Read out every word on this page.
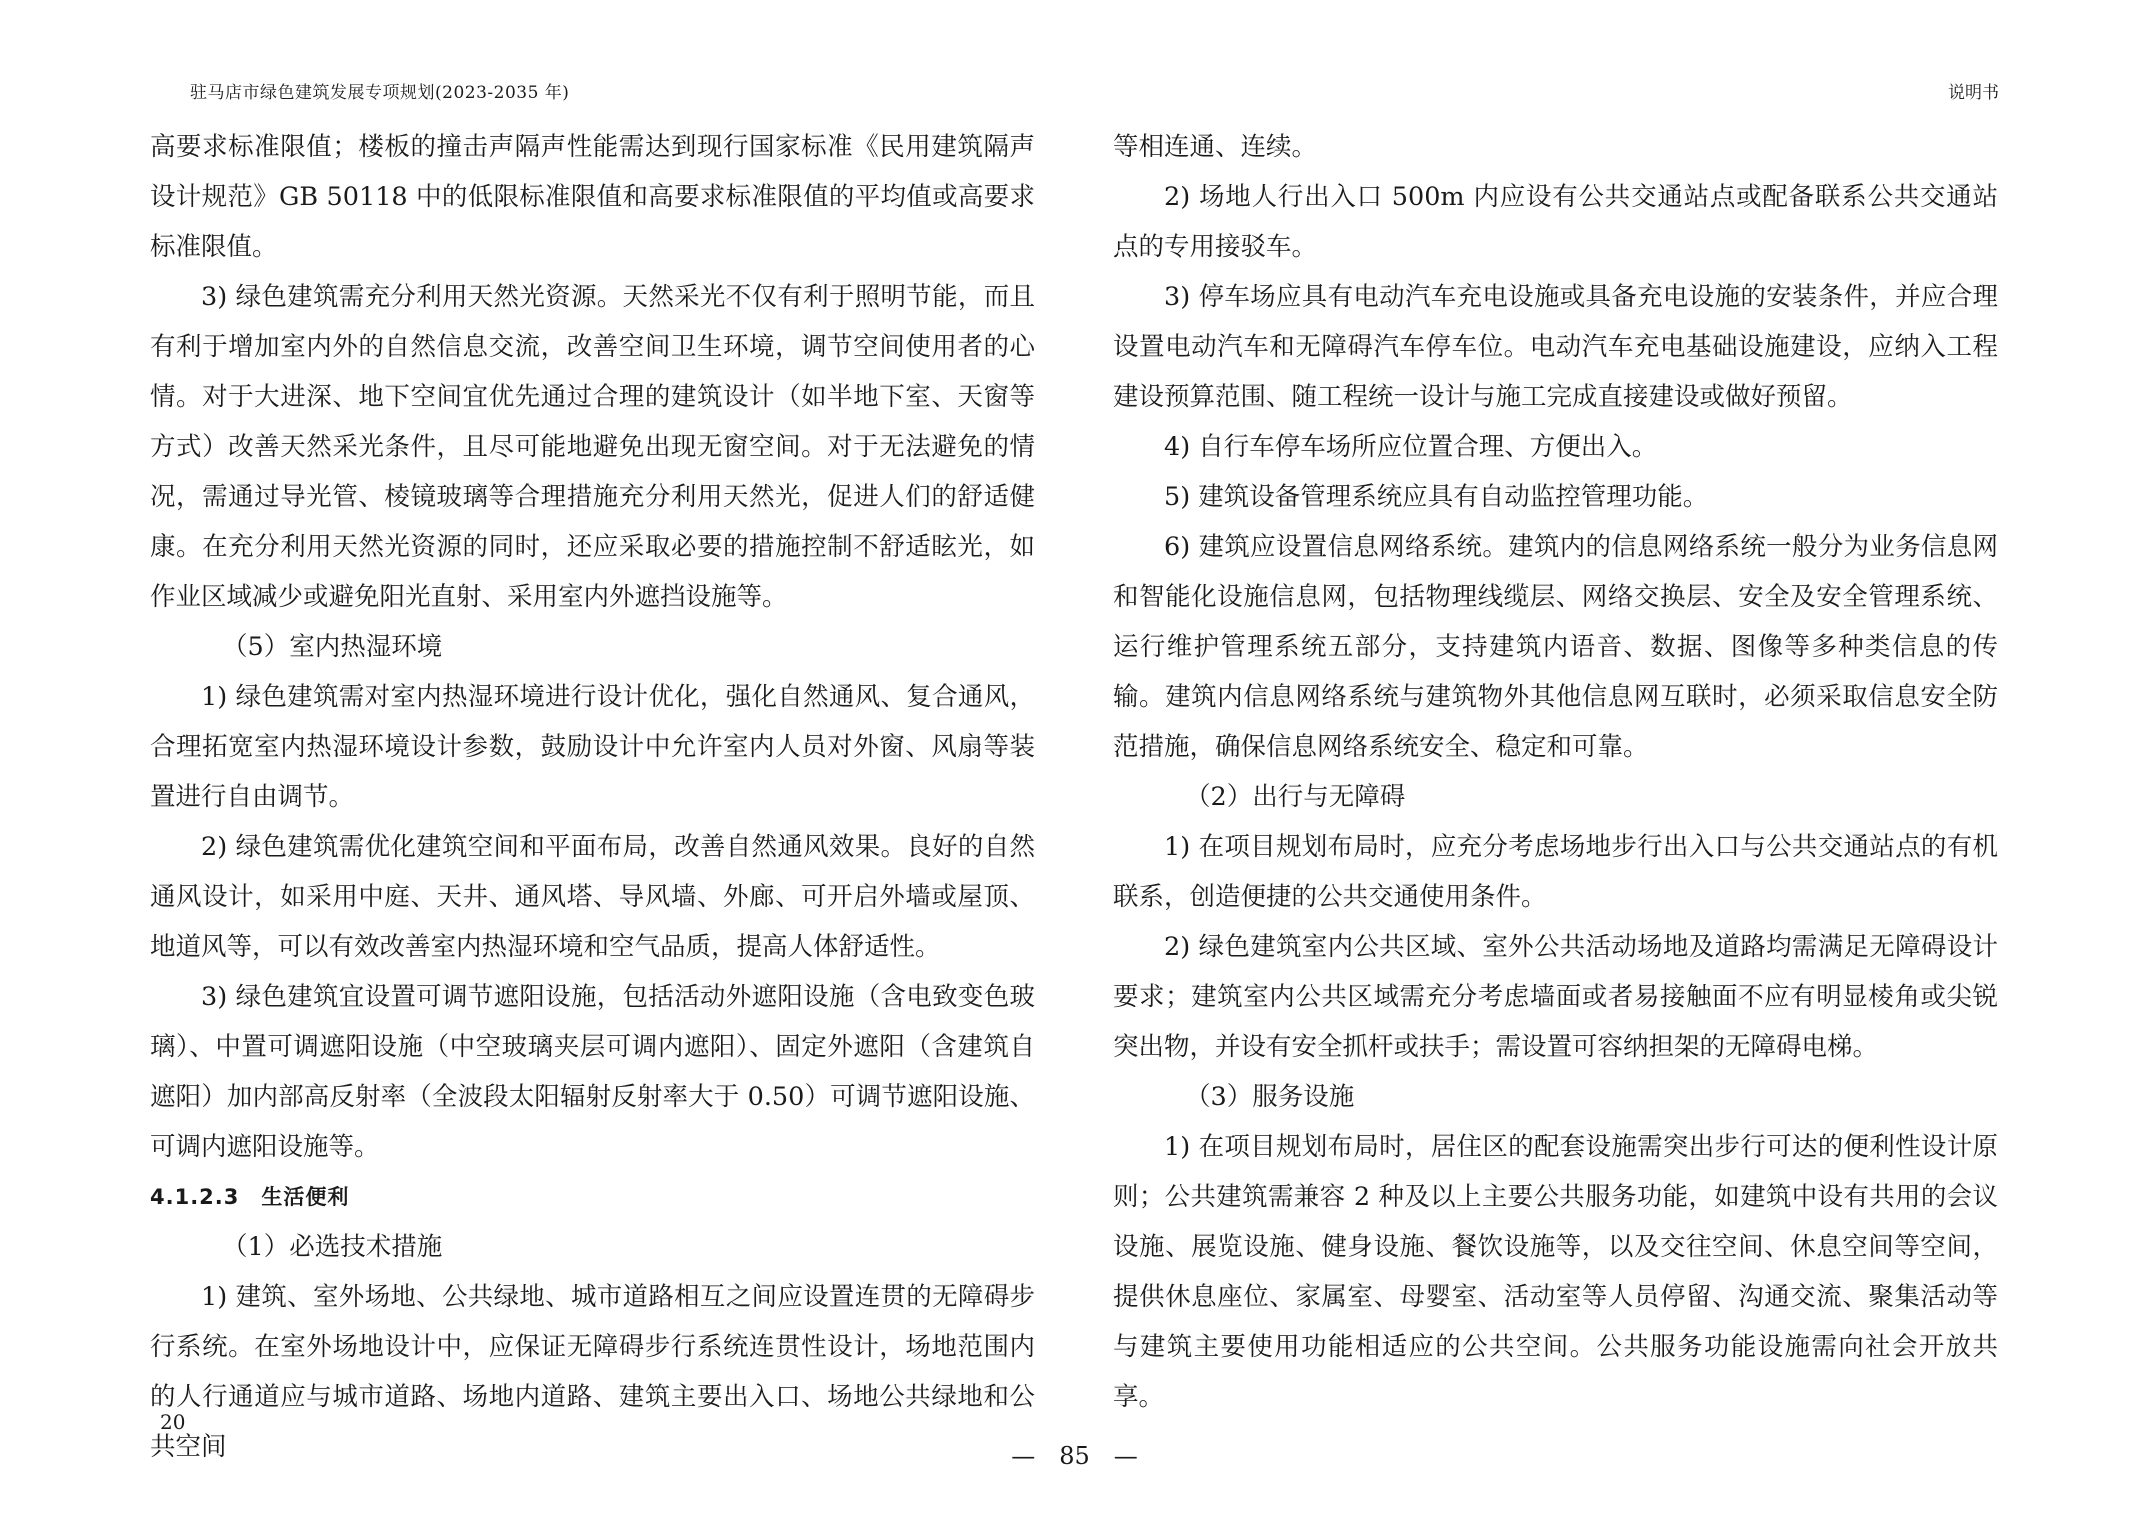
驻马店市绿色建筑发展专项规划(2023-2035 年)	说明书

高要求标准限值；楼板的撞击声隔声性能需达到现行国家标准《民用建筑隔声设计规范》GB 50118 中的低限标准限值和高要求标准限值的平均值或高要求标准限值。

3) 绿色建筑需充分利用天然光资源。天然采光不仅有利于照明节能，而且有利于增加室内外的自然信息交流，改善空间卫生环境，调节空间使用者的心情。对于大进深、地下空间宜优先通过合理的建筑设计（如半地下室、天窗等方式）改善天然采光条件，且尽可能地避免出现无窗空间。对于无法避免的情况，需通过导光管、棱镜玻璃等合理措施充分利用天然光，促进人们的舒适健康。在充分利用天然光资源的同时，还应采取必要的措施控制不舒适眩光，如作业区域减少或避免阳光直射、采用室内外遮挡设施等。

（5）室内热湿环境

1) 绿色建筑需对室内热湿环境进行设计优化，强化自然通风、复合通风，合理拓宽室内热湿环境设计参数，鼓励设计中允许室内人员对外窗、风扇等装置进行自由调节。

2) 绿色建筑需优化建筑空间和平面布局，改善自然通风效果。良好的自然通风设计，如采用中庭、天井、通风塔、导风墙、外廊、可开启外墙或屋顶、地道风等，可以有效改善室内热湿环境和空气品质，提高人体舒适性。

3) 绿色建筑宜设置可调节遮阳设施，包括活动外遮阳设施（含电致变色玻璃）、中置可调遮阳设施（中空玻璃夹层可调内遮阳）、固定外遮阳（含建筑自遮阳）加内部高反射率（全波段太阳辐射反射率大于 0.50）可调节遮阳设施、可调内遮阳设施等。

4.1.2.3　生活便利

（1）必选技术措施

1) 建筑、室外场地、公共绿地、城市道路相互之间应设置连贯的无障碍步行系统。在室外场地设计中，应保证无障碍步行系统连贯性设计，场地范围内的人行通道应与城市道路、场地内道路、建筑主要出入口、场地公共绿地和公共空间

等相连通、连续。

2) 场地人行出入口 500m 内应设有公共交通站点或配备联系公共交通站点的专用接驳车。

3) 停车场应具有电动汽车充电设施或具备充电设施的安装条件，并应合理设置电动汽车和无障碍汽车停车位。电动汽车充电基础设施建设，应纳入工程建设预算范围、随工程统一设计与施工完成直接建设或做好预留。

4) 自行车停车场所应位置合理、方便出入。

5) 建筑设备管理系统应具有自动监控管理功能。

6) 建筑应设置信息网络系统。建筑内的信息网络系统一般分为业务信息网和智能化设施信息网，包括物理线缆层、网络交换层、安全及安全管理系统、运行维护管理系统五部分，支持建筑内语音、数据、图像等多种类信息的传输。建筑内信息网络系统与建筑物外其他信息网互联时，必须采取信息安全防范措施，确保信息网络系统安全、稳定和可靠。

（2）出行与无障碍

1) 在项目规划布局时，应充分考虑场地步行出入口与公共交通站点的有机联系，创造便捷的公共交通使用条件。

2) 绿色建筑室内公共区域、室外公共活动场地及道路均需满足无障碍设计要求；建筑室内公共区域需充分考虑墙面或者易接触面不应有明显棱角或尖锐突出物，并设有安全抓杆或扶手；需设置可容纳担架的无障碍电梯。

（3）服务设施

1) 在项目规划布局时，居住区的配套设施需突出步行可达的便利性设计原则；公共建筑需兼容 2 种及以上主要公共服务功能，如建筑中设有共用的会议设施、展览设施、健身设施、餐饮设施等，以及交往空间、休息空间等空间，提供休息座位、家属室、母婴室、活动室等人员停留、沟通交流、聚集活动等与建筑主要使用功能相适应的公共空间。公共服务功能设施需向社会开放共享。

20
—　85　—
